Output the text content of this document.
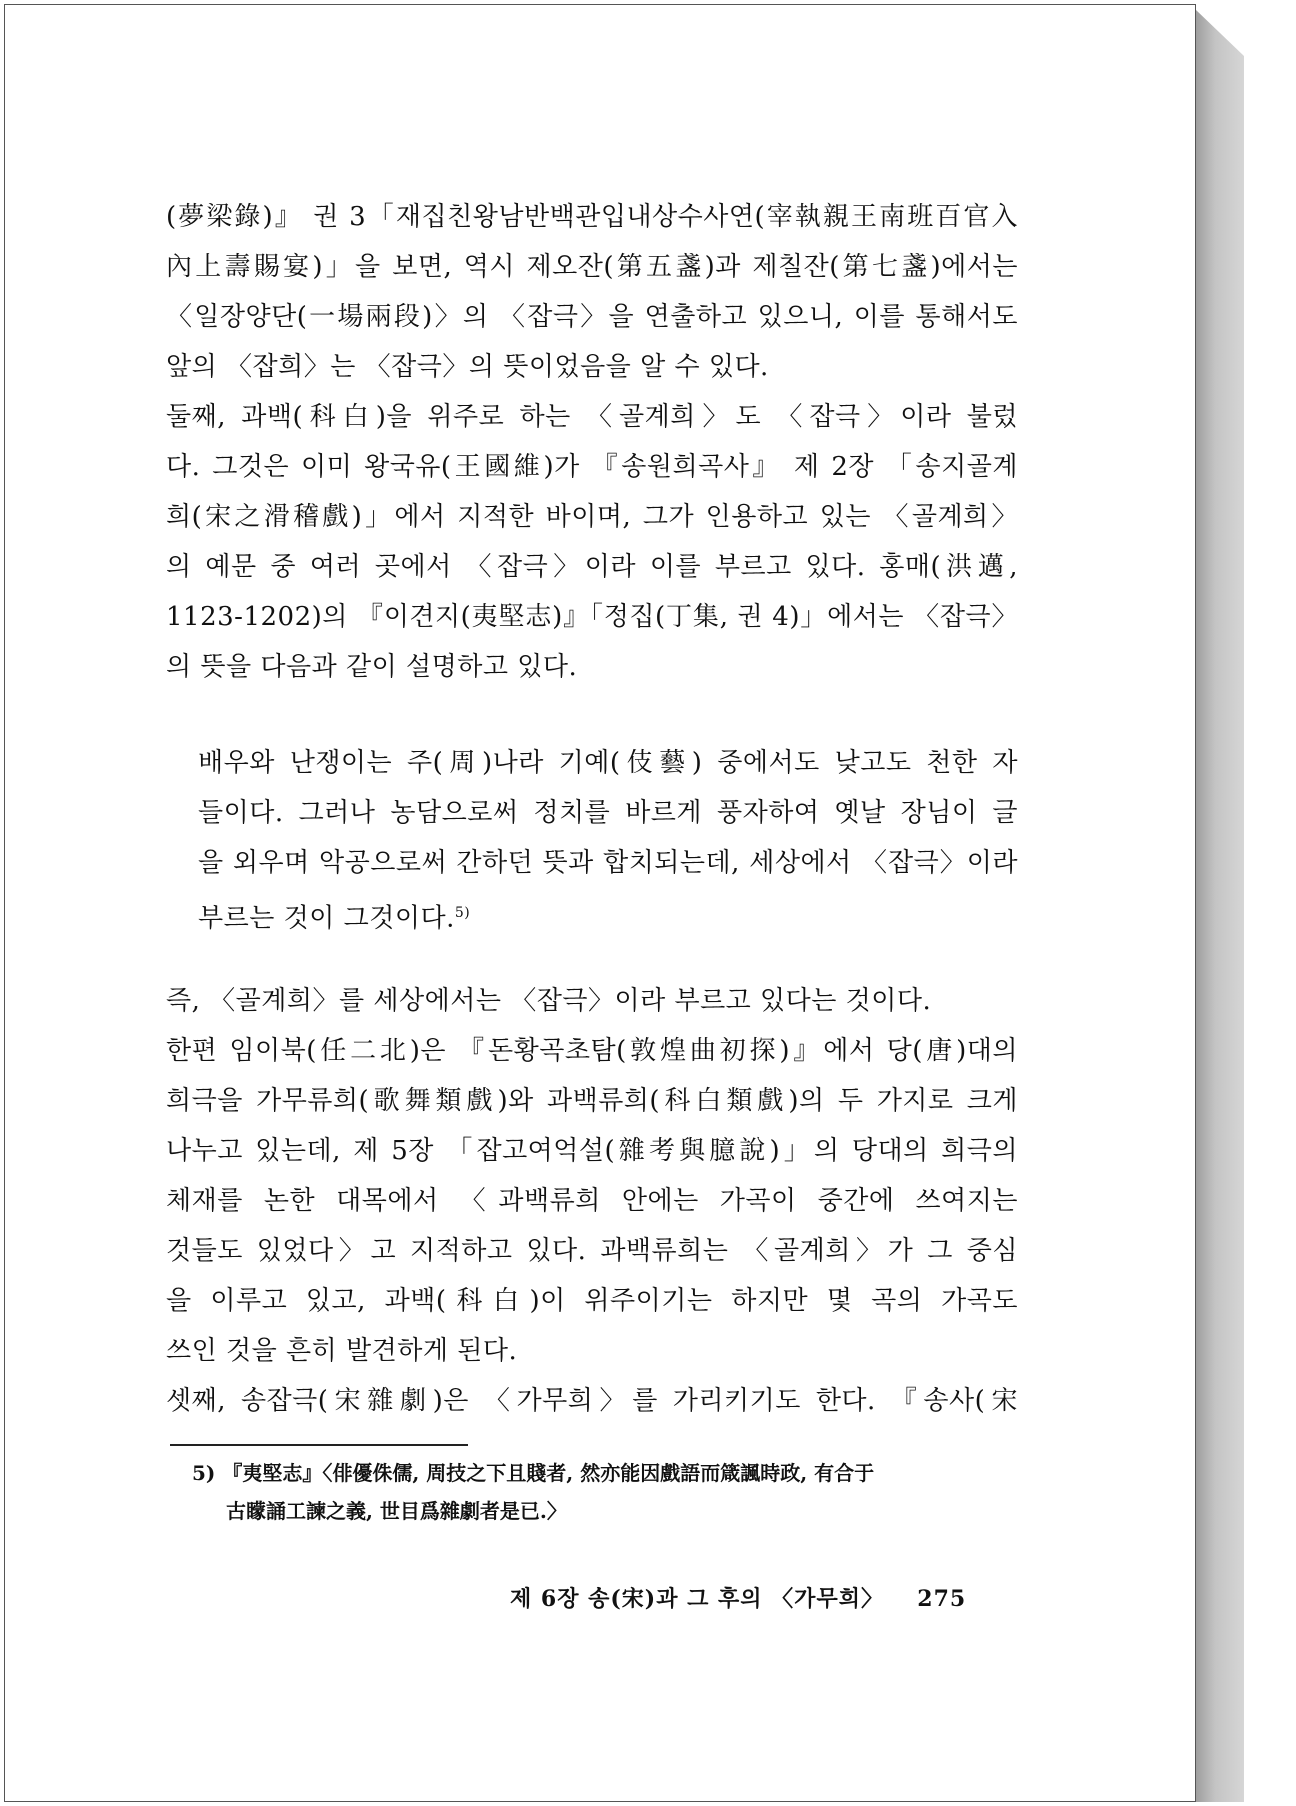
(夢梁錄)』 권 3「재집친왕남반백관입내상수사연(宰執親王南班百官入

內上壽賜宴)」을 보면, 역시 제오잔(第五盞)과 제칠잔(第七盞)에서는

〈일장양단(一場兩段)〉의 〈잡극〉을 연출하고 있으니, 이를 통해서도

앞의 〈잡희〉는 〈잡극〉의 뜻이었음을 알 수 있다.

둘째, 과백(科白)을 위주로 하는 〈골계희〉도 〈잡극〉이라 불렀

다. 그것은 이미 왕국유(王國維)가 『송원희곡사』 제 2장 「송지골계

희(宋之滑稽戲)」에서 지적한 바이며, 그가 인용하고 있는 〈골계희〉

의 예문 중 여러 곳에서 〈잡극〉이라 이를 부르고 있다. 홍매(洪邁,

1123-1202)의 『이견지(夷堅志)』「정집(丁集, 권 4)」에서는 〈잡극〉

의 뜻을 다음과 같이 설명하고 있다.

배우와 난쟁이는 주(周)나라 기예(伎藝) 중에서도 낮고도 천한 자

들이다. 그러나 농담으로써 정치를 바르게 풍자하여 옛날 장님이 글

을 외우며 악공으로써 간하던 뜻과 합치되는데, 세상에서 〈잡극〉이라

부르는 것이 그것이다.$^{5)}$

즉, 〈골계희〉를 세상에서는 〈잡극〉이라 부르고 있다는 것이다.

한편 임이북(任二北)은 『돈황곡초탐(敦煌曲初探)』에서 당(唐)대의

희극을 가무류희(歌舞類戲)와 과백류희(科白類戲)의 두 가지로 크게

나누고 있는데, 제 5장 「잡고여억설(雜考與臆說)」의 당대의 희극의

체재를 논한 대목에서 〈과백류희 안에는 가곡이 중간에 쓰여지는

것들도 있었다〉고 지적하고 있다. 과백류희는 〈골계희〉가 그 중심

을 이루고 있고, 과백(科白)이 위주이기는 하지만 몇 곡의 가곡도

쓰인 것을 흔히 발견하게 된다.

셋째, 송잡극(宋雜劇)은 〈가무희〉를 가리키기도 한다. 『송사(宋

5) 『夷堅志』〈俳優侏儒, 周技之下且賤者, 然亦能因戲語而箴諷時政, 有合于
古矇誦工諫之義, 世目爲雜劇者是已.〉
제 6장 송(宋)과 그 후의 〈가무희〉 275
